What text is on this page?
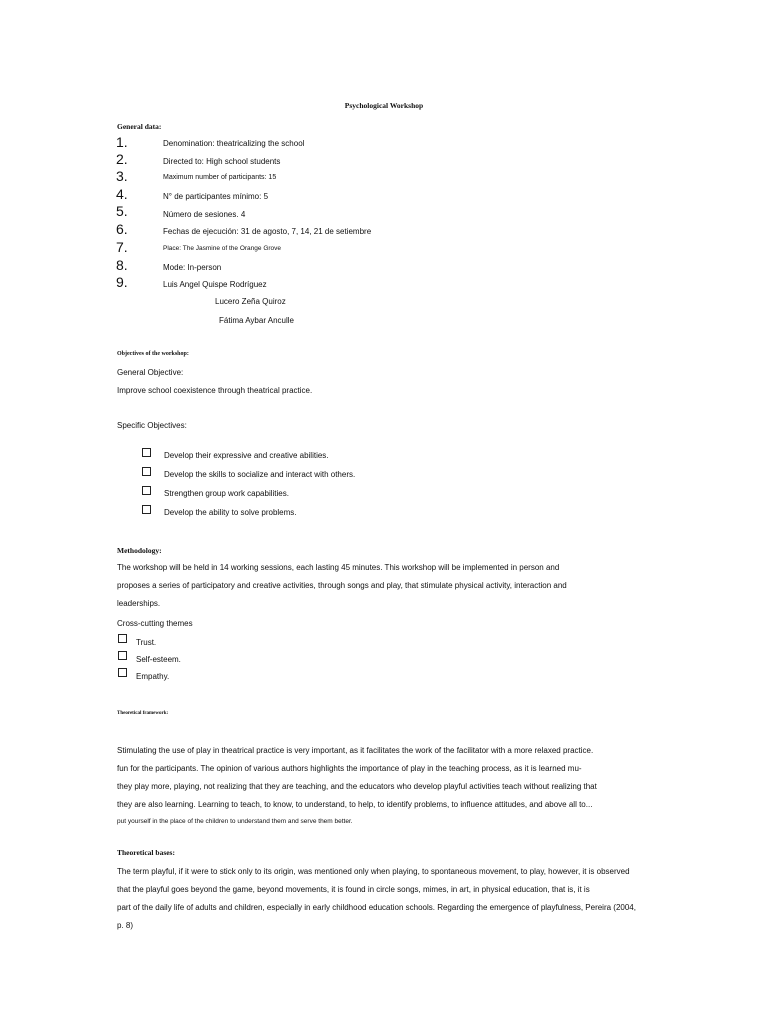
Psychological Workshop
General data:
1.	Denomination: theatricalizing the school
2.	Directed to: High school students
3.	Maximum number of participants: 15
4.	N° de participantes mínimo: 5
5.	Número de sesiones. 4
6.	Fechas de ejecución: 31 de agosto, 7, 14, 21 de setiembre
7.	Place: The Jasmine of the Orange Grove
8.	Mode: In-person
9.	Luis Angel Quispe Rodríguez
Lucero Zeña Quiroz
Fátima Aybar Anculle
Objectives of the workshop:
General Objective:
Improve school coexistence through theatrical practice.
Specific Objectives:
Develop their expressive and creative abilities.
Develop the skills to socialize and interact with others.
Strengthen group work capabilities.
Develop the ability to solve problems.
Methodology:
The workshop will be held in 14 working sessions, each lasting 45 minutes. This workshop will be implemented in person and
proposes a series of participatory and creative activities, through songs and play, that stimulate physical activity, interaction and
leaderships.
Cross-cutting themes
Trust.
Self-esteem.
Empathy.
Theoretical framework:
Stimulating the use of play in theatrical practice is very important, as it facilitates the work of the facilitator with a more relaxed practice.
fun for the participants. The opinion of various authors highlights the importance of play in the teaching process, as it is learned mu-
they play more, playing, not realizing that they are teaching, and the educators who develop playful activities teach without realizing that
they are also learning. Learning to teach, to know, to understand, to help, to identify problems, to influence attitudes, and above all to...
put yourself in the place of the children to understand them and serve them better.
Theoretical bases:
The term playful, if it were to stick only to its origin, was mentioned only when playing, to spontaneous movement, to play, however, it is observed
that the playful goes beyond the game, beyond movements, it is found in circle songs, mimes, in art, in physical education, that is, it is
part of the daily life of adults and children, especially in early childhood education schools. Regarding the emergence of playfulness, Pereira (2004,
p. 8)
